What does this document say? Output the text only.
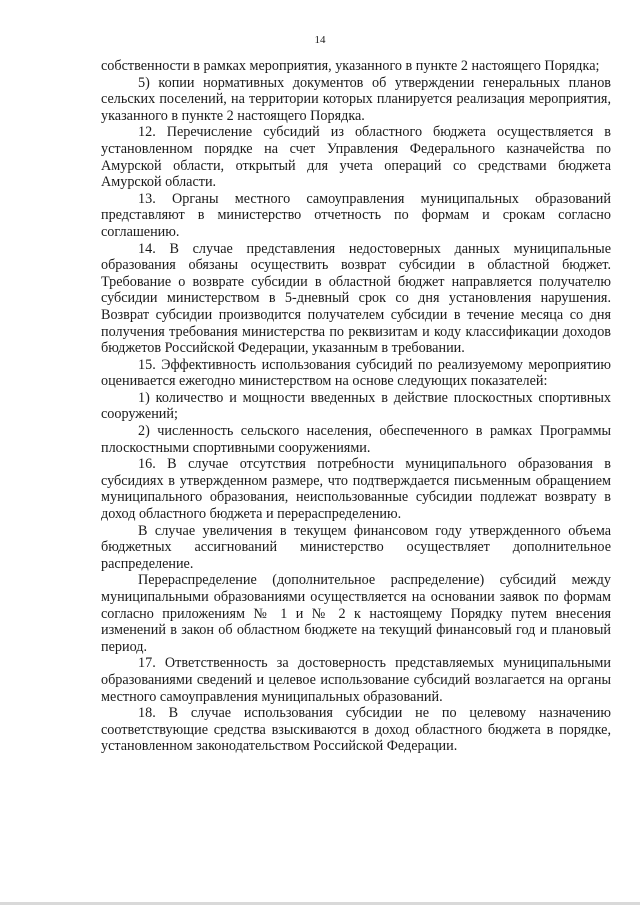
14

собственности в рамках мероприятия, указанного в пункте 2 настоящего Порядка;

5) копии нормативных документов об утверждении генеральных планов сельских поселений, на территории которых планируется реализация мероприятия, указанного в пункте 2 настоящего Порядка.

12. Перечисление субсидий из областного бюджета осуществляется в установленном порядке на счет Управления Федерального казначейства по Амурской области, открытый для учета операций со средствами бюджета Амурской области.

13. Органы местного самоуправления муниципальных образований представляют в министерство отчетность по формам и срокам согласно соглашению.

14. В случае представления недостоверных данных муниципальные образования обязаны осуществить возврат субсидии в областной бюджет. Требование о возврате субсидии в областной бюджет направляется получателю субсидии министерством в 5-дневный срок со дня установления нарушения. Возврат субсидии производится получателем субсидии в течение месяца со дня получения требования министерства по реквизитам и коду классификации доходов бюджетов Российской Федерации, указанным в требовании.

15. Эффективность использования субсидий по реализуемому мероприятию оценивается ежегодно министерством на основе следующих показателей:

1) количество и мощности введенных в действие плоскостных спортивных сооружений;

2) численность сельского населения, обеспеченного в рамках Программы плоскостными спортивными сооружениями.

16. В случае отсутствия потребности муниципального образования в субсидиях в утвержденном размере, что подтверждается письменным обращением муниципального образования, неиспользованные субсидии подлежат возврату в доход областного бюджета и перераспределению.

В случае увеличения в текущем финансовом году утвержденного объема бюджетных ассигнований министерство осуществляет дополнительное распределение.

Перераспределение (дополнительное распределение) субсидий между муниципальными образованиями осуществляется на основании заявок по формам согласно приложениям № 1 и № 2 к настоящему Порядку путем внесения изменений в закон об областном бюджете на текущий финансовый год и плановый период.

17. Ответственность за достоверность представляемых муниципальными образованиями сведений и целевое использование субсидий возлагается на органы местного самоуправления муниципальных образований.

18. В случае использования субсидии не по целевому назначению соответствующие средства взыскиваются в доход областного бюджета в порядке, установленном законодательством Российской Федерации.
